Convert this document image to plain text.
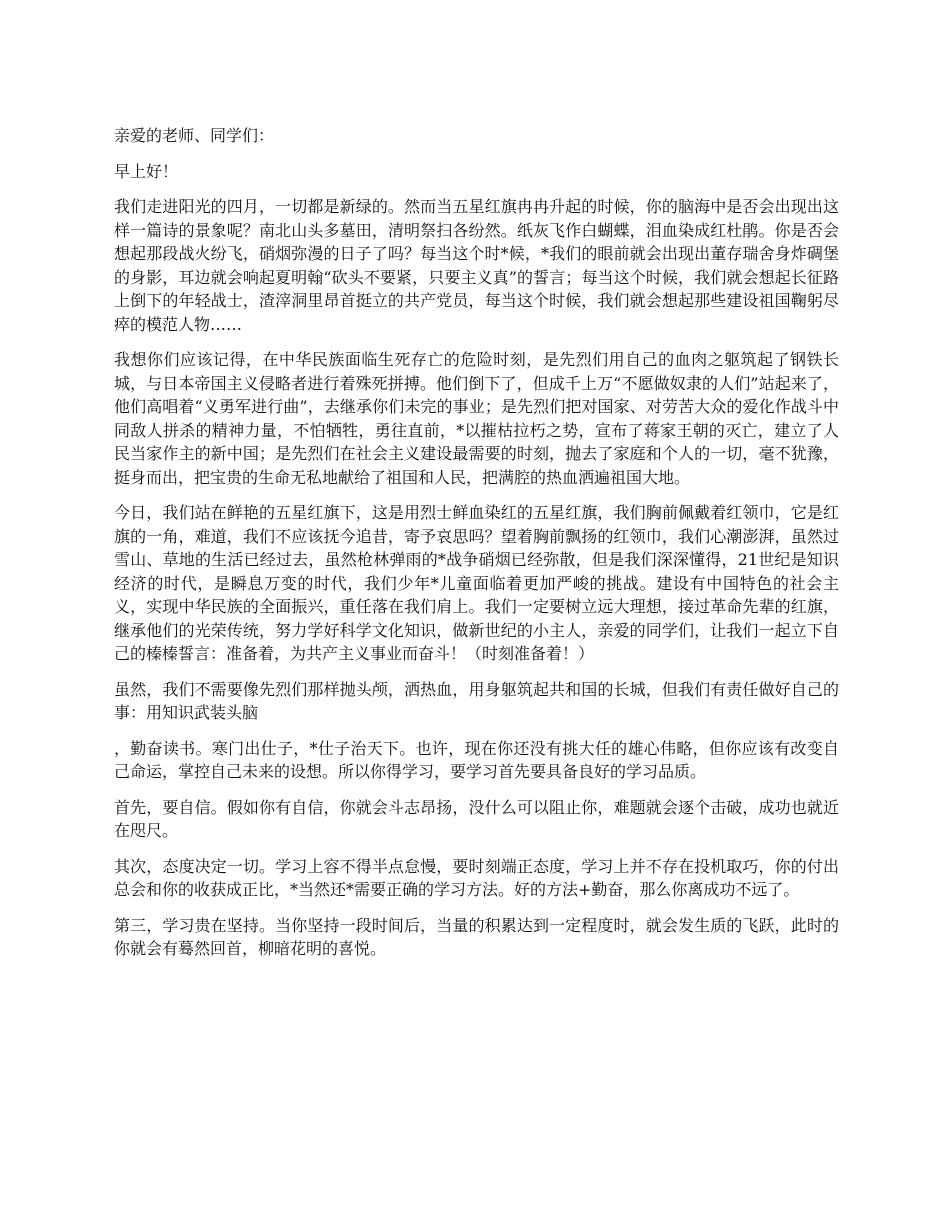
亲爱的老师、同学们：

早上好！

我们走进阳光的四月，一切都是新绿的。然而当五星红旗冉冉升起的时候，你的脑海中是否会出现出这样一篇诗的景象呢？南北山头多墓田，清明祭扫各纷然。纸灰飞作白蝴蝶，泪血染成红杜鹃。你是否会想起那段战火纷飞，硝烟弥漫的日子了吗？每当这个时*候，*我们的眼前就会出现出董存瑞舍身炸碉堡的身影，耳边就会响起夏明翰“砍头不要紧，只要主义真”的誓言；每当这个时候，我们就会想起长征路上倒下的年轻战士，渣滓洞里昂首挺立的共产党员，每当这个时候，我们就会想起那些建设祖国鞠躬尽瘁的模范人物……

我想你们应该记得，在中华民族面临生死存亡的危险时刻，是先烈们用自己的血肉之躯筑起了钢铁长城，与日本帝国主义侵略者进行着殊死拼搏。他们倒下了，但成千上万“不愿做奴隶的人们”站起来了，他们高唱着“义勇军进行曲”，去继承你们未完的事业；是先烈们把对国家、对劳苦大众的爱化作战斗中同敌人拼杀的精神力量，不怕牺牲，勇往直前，*以摧枯拉朽之势，宣布了蒋家王朝的灭亡，建立了人民当家作主的新中国；是先烈们在社会主义建设最需要的时刻，抛去了家庭和个人的一切，毫不犹豫，挺身而出，把宝贵的生命无私地献给了祖国和人民，把满腔的热血洒遍祖国大地。

今日，我们站在鲜艳的五星红旗下，这是用烈士鲜血染红的五星红旗，我们胸前佩戴着红领巾，它是红旗的一角，难道，我们不应该抚今追昔，寄予哀思吗？望着胸前飘扬的红领巾，我们心潮澎湃，虽然过雪山、草地的生活已经过去，虽然枪林弹雨的*战争硝烟已经弥散，但是我们深深懂得，21世纪是知识经济的时代，是瞬息万变的时代，我们少年*儿童面临着更加严峻的挑战。建设有中国特色的社会主义，实现中华民族的全面振兴，重任落在我们肩上。我们一定要树立远大理想，接过革命先辈的红旗，继承他们的光荣传统，努力学好科学文化知识，做新世纪的小主人，亲爱的同学们，让我们一起立下自己的榛榛誓言：准备着，为共产主义事业而奋斗！（时刻准备着！）

虽然，我们不需要像先烈们那样抛头颅，洒热血，用身躯筑起共和国的长城，但我们有责任做好自己的事：用知识武装头脑

，勤奋读书。寒门出仕子，*仕子治天下。也许，现在你还没有挑大任的雄心伟略，但你应该有改变自己命运，掌控自己未来的设想。所以你得学习，要学习首先要具备良好的学习品质。

首先，要自信。假如你有自信，你就会斗志昂扬，没什么可以阻止你，难题就会逐个击破，成功也就近在咫尺。

其次，态度决定一切。学习上容不得半点怠慢，要时刻端正态度，学习上并不存在投机取巧，你的付出总会和你的收获成正比，*当然还*需要正确的学习方法。好的方法+勤奋，那么你离成功不远了。

第三，学习贵在坚持。当你坚持一段时间后，当量的积累达到一定程度时，就会发生质的飞跃，此时的你就会有蓦然回首，柳暗花明的喜悦。
